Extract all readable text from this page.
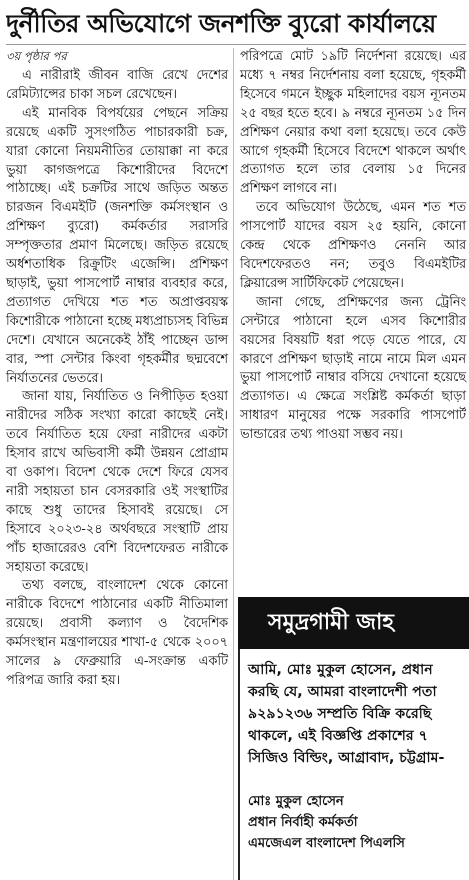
দুর্নীতির অভিযোগে জনশক্তি ব্যুরো কার্যালয়ে
৩য় পৃষ্ঠার পর

এ নারীরাই জীবন বাজি রেখে দেশের রেমিট্যান্সের চাকা সচল রেখেছেন।

এই মানবিক বিপর্যয়ের পেছনে সক্রিয় রয়েছে একটি সুসংগঠিত পাচারকারী চক্র, যারা কোনো নিয়মনীতির তোয়াক্কা না করে ভুয়া কাগজপত্রে কিশোরীদের বিদেশে পাঠাচ্ছে। এই চক্রটির সাথে জড়িত অন্তত চারজন বিএমইটি (জনশক্তি কর্মসংস্থান ও প্রশিক্ষণ ব্যুরো) কর্মকর্তার সরাসরি সম্পৃক্ততার প্রমাণ মিলেছে। জড়িত রয়েছে অর্ধশতাধিক রিক্রুটিং এজেন্সি। প্রশিক্ষণ ছাড়াই, ভুয়া পাসপোর্ট নাম্বার ব্যবহার করে, প্রত্যাগত দেখিয়ে শত শত অপ্রাপ্তবয়স্ক কিশোরীকে পাঠানো হচ্ছে মধ্যপ্রাচ্যসহ বিভিন্ন দেশে। যেখানে অনেকেই ঠাঁই পাচ্ছেন ডান্স বার, স্পা সেন্টার কিংবা গৃহকর্মীর ছদ্মবেশে নির্যাতনের ভেতরে।

জানা যায়, নির্যাতিত ও নিপীড়িত হওয়া নারীদের সঠিক সংখ্যা কারো কাছেই নেই। তবে নির্যাতিত হয়ে ফেরা নারীদের একটা হিসাব রাখে অভিবাসী কর্মী উন্নয়ন প্রোগ্রাম বা ওকাপ। বিদেশ থেকে দেশে ফিরে যেসব নারী সহায়তা চান বেসরকারি ওই সংস্থাটির কাছে শুধু তাদের হিসাবই রয়েছে। সে হিসাবে ২০২৩-২৪ অর্থবছরে সংস্থাটি প্রায় পাঁচ হাজারেরও বেশি বিদেশফেরত নারীকে সহায়তা করেছে।

তথ্য বলছে, বাংলাদেশ থেকে কোনো নারীকে বিদেশে পাঠানোর একটি নীতিমালা রয়েছে। প্রবাসী কল্যাণ ও বৈদেশিক কর্মসংস্থান মন্ত্রণালয়ের শাখা-৫ থেকে ২০০৭ সালের ৯ ফেব্রুয়ারি এ-সংক্রান্ত একটি পরিপত্র জারি করা হয়।

পরিপত্রে মোট ১৯টি নির্দেশনা রয়েছে। এর মধ্যে ৭ নম্বর নির্দেশনায় বলা হয়েছে, গৃহকর্মী হিসেবে গমনে ইচ্ছুক মহিলাদের বয়স ন্যূনতম ২৫ বছর হতে হবে। ৯ নম্বরে ন্যূনতম ১৫ দিন প্রশিক্ষণ নেয়ার কথা বলা হয়েছে। তবে কেউ আগে গৃহকর্মী হিসেবে বিদেশে থাকলে অর্থাৎ প্রত্যাগত হলে তার বেলায় ১৫ দিনের প্রশিক্ষণ লাগবে না।

তবে অভিযোগ উঠেছে, এমন শত শত পাসপোর্ট যাদের বয়স ২৫ হয়নি, কোনো কেন্দ্র থেকে প্রশিক্ষণও নেননি আর বিদেশফেরতও নন; তবুও বিএমইটির ক্লিয়ারেন্স সার্টিফিকেট পেয়েছেন।

জানা গেছে, প্রশিক্ষণের জন্য ট্রেনিং সেন্টারে পাঠানো হলে এসব কিশোরীর বয়সের বিষয়টি ধরা পড়ে যেতে পারে, যে কারণে প্রশিক্ষণ ছাড়াই নামে নামে মিল এমন ভুয়া পাসপোর্ট নাম্বার বসিয়ে দেখানো হয়েছে প্রত্যাগত। এ ক্ষেত্রে সংশ্লিষ্ট কর্মকর্তা ছাড়া সাধারণ মানুষের পক্ষে সরকারি পাসপোর্ট ভান্ডারের তথ্য পাওয়া সম্ভব নয়।

সমুদ্রগামী জাহ
আমি, মোঃ মুকুল হোসেন, প্রধান
করছি যে, আমরা বাংলাদেশী পতা
৯২৯১২৩৬ সম্প্রতি বিক্রি করেছি
থাকলে, এই বিজ্ঞপ্তি প্রকাশের ৭
সিজিও বিল্ডিং, আগ্রাবাদ, চট্টগ্রাম-
মোঃ মুকুল হোসেন
প্রধান নির্বাহী কর্মকর্তা
এমজেএল বাংলাদেশ পিএলসি
